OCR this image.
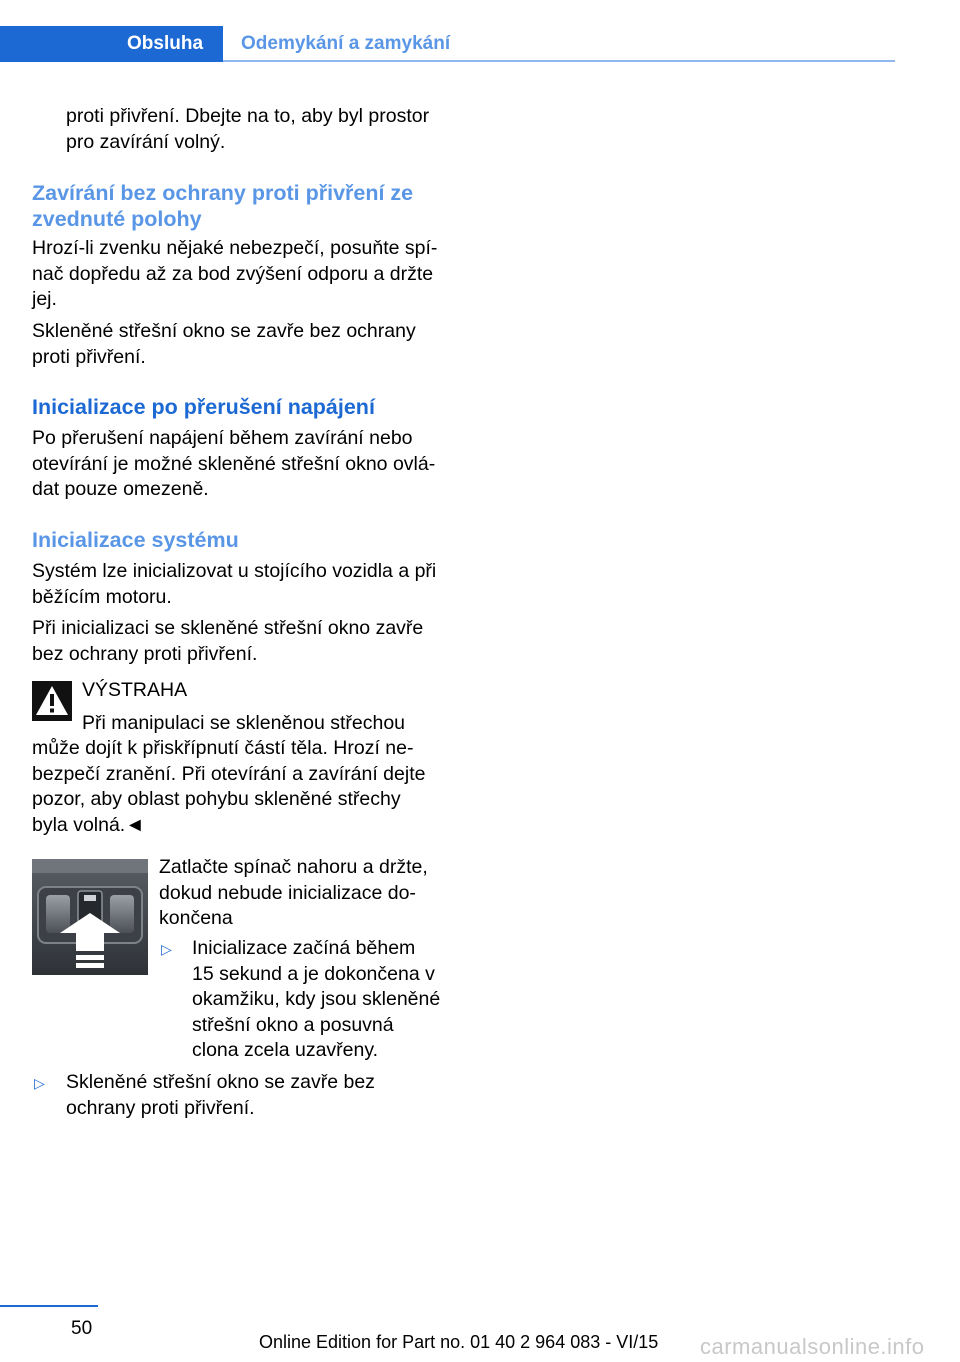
Obsluha	Odemykání a zamykání

proti přivření. Dbejte na to, aby byl prostor

pro zavírání volný.

Zavírání bez ochrany proti přivření ze
zvednuté polohy

Hrozí-li zvenku nějaké nebezpečí, posuňte spí-

nač dopředu až za bod zvýšení odporu a držte

jej.

Skleněné střešní okno se zavře bez ochrany

proti přivření.

Inicializace po přerušení napájení

Po přerušení napájení během zavírání nebo

otevírání je možné skleněné střešní okno ovlá-

dat pouze omezeně.

Inicializace systému

Systém lze inicializovat u stojícího vozidla a při

běžícím motoru.

Při inicializaci se skleněné střešní okno zavře

bez ochrany proti přivření.

VÝSTRAHA

Při manipulaci se skleněnou střechou

může dojít k přiskřípnutí částí těla. Hrozí ne-

bezpečí zranění. Při otevírání a zavírání dejte

pozor, aby oblast pohybu skleněné střechy

byla volná.◄

Zatlačte spínač nahoru a držte,

dokud nebude inicializace do-

končena

▷ Inicializace začíná během

15 sekund a je dokončena v

okamžiku, kdy jsou skleněné

střešní okno a posuvná

clona zcela uzavřeny.

▷ Skleněné střešní okno se zavře bez

ochrany proti přivření.

50
Online Edition for Part no. 01 40 2 964 083 - VI/15 carmanualsonline.info
